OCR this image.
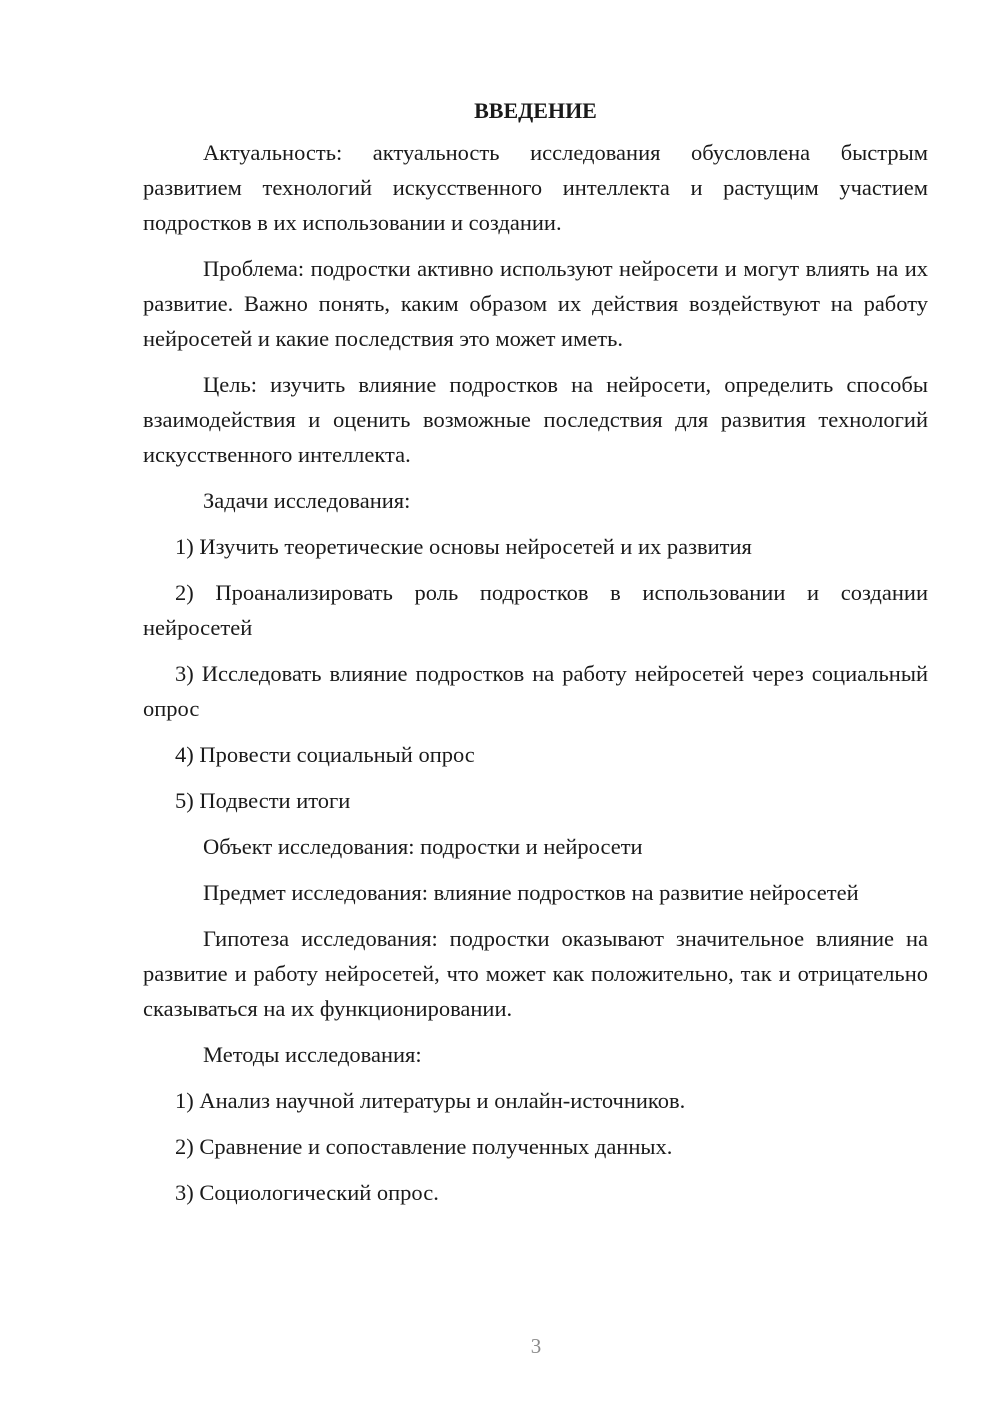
ВВЕДЕНИЕ

Актуальность: актуальность исследования обусловлена быстрым развитием технологий искусственного интеллекта и растущим участием подростков в их использовании и создании.

Проблема: подростки активно используют нейросети и могут влиять на их развитие. Важно понять, каким образом их действия воздействуют на работу нейросетей и какие последствия это может иметь.

Цель: изучить влияние подростков на нейросети, определить способы взаимодействия и оценить возможные последствия для развития технологий искусственного интеллекта.

Задачи исследования:

1) Изучить теоретические основы нейросетей и их развития

2) Проанализировать роль подростков в использовании и создании нейросетей

3) Исследовать влияние подростков на работу нейросетей через социальный опрос

4) Провести социальный опрос

5) Подвести итоги

Объект исследования: подростки и нейросети

Предмет исследования: влияние подростков на развитие нейросетей

Гипотеза исследования: подростки оказывают значительное влияние на развитие и работу нейросетей, что может как положительно, так и отрицательно сказываться на их функционировании.

Методы исследования:

1) Анализ научной литературы и онлайн-источников.

2) Сравнение и сопоставление полученных данных.

3) Социологический опрос.

3
